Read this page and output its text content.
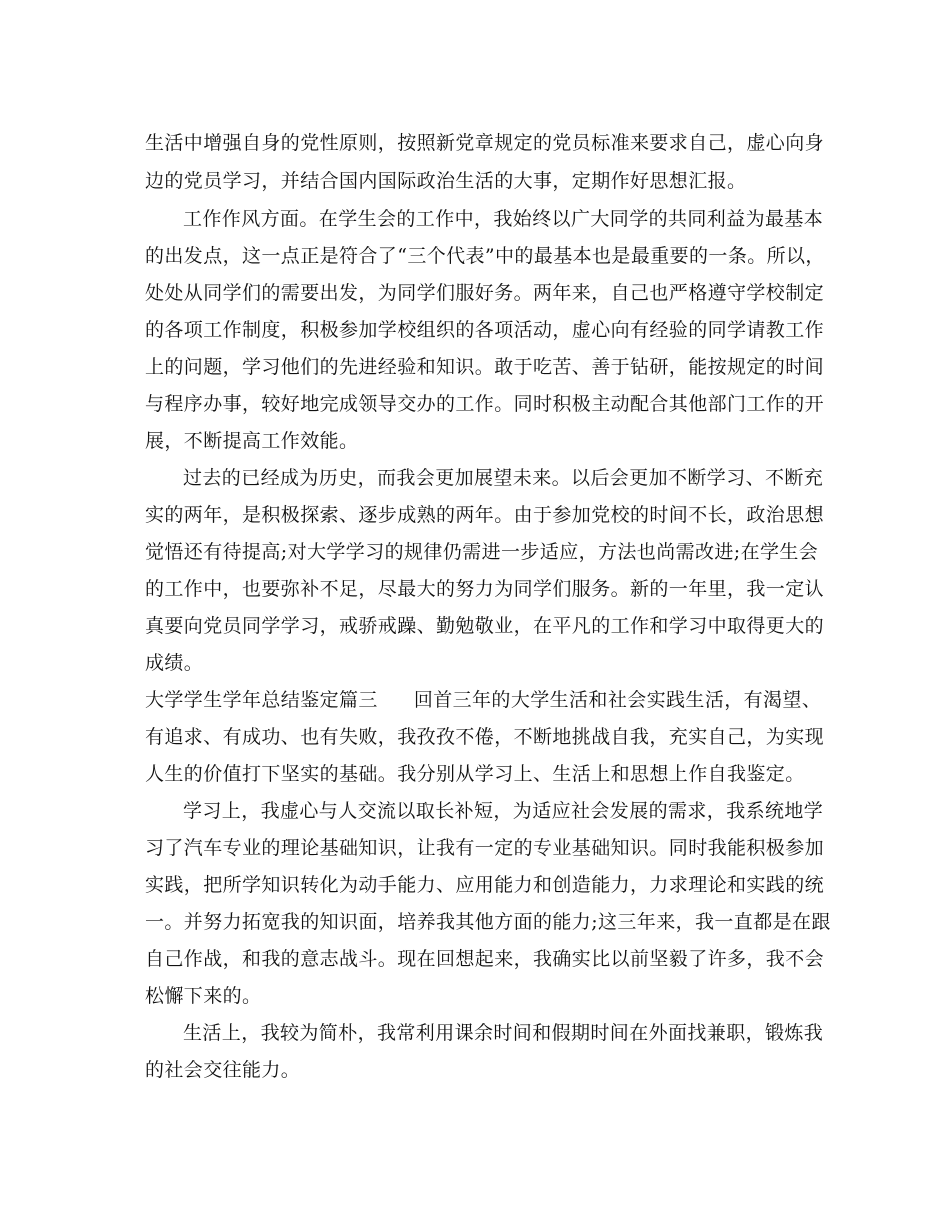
生活中增强自身的党性原则，按照新党章规定的党员标准来要求自己，虚心向身
边的党员学习，并结合国内国际政治生活的大事，定期作好思想汇报。
工作作风方面。在学生会的工作中，我始终以广大同学的共同利益为最基本
的出发点，这一点正是符合了“三个代表”中的最基本也是最重要的一条。所以，
处处从同学们的需要出发，为同学们服好务。两年来，自己也严格遵守学校制定
的各项工作制度，积极参加学校组织的各项活动，虚心向有经验的同学请教工作
上的问题，学习他们的先进经验和知识。敢于吃苦、善于钻研，能按规定的时间
与程序办事，较好地完成领导交办的工作。同时积极主动配合其他部门工作的开
展，不断提高工作效能。
过去的已经成为历史，而我会更加展望未来。以后会更加不断学习、不断充
实的两年，是积极探索、逐步成熟的两年。由于参加党校的时间不长，政治思想
觉悟还有待提高;对大学学习的规律仍需进一步适应，方法也尚需改进;在学生会
的工作中，也要弥补不足，尽最大的努力为同学们服务。新的一年里，我一定认
真要向党员同学学习，戒骄戒躁、勤勉敬业，在平凡的工作和学习中取得更大的
成绩。
大学学生学年总结鉴定篇三 回首三年的大学生活和社会实践生活，有渴望、
有追求、有成功、也有失败，我孜孜不倦，不断地挑战自我，充实自己，为实现
人生的价值打下坚实的基础。我分别从学习上、生活上和思想上作自我鉴定。
学习上，我虚心与人交流以取长补短，为适应社会发展的需求，我系统地学
习了汽车专业的理论基础知识，让我有一定的专业基础知识。同时我能积极参加
实践，把所学知识转化为动手能力、应用能力和创造能力，力求理论和实践的统
一。并努力拓宽我的知识面，培养我其他方面的能力;这三年来，我一直都是在跟
自己作战，和我的意志战斗。现在回想起来，我确实比以前坚毅了许多，我不会
松懈下来的。
生活上，我较为简朴，我常利用课余时间和假期时间在外面找兼职，锻炼我
的社会交往能力。
